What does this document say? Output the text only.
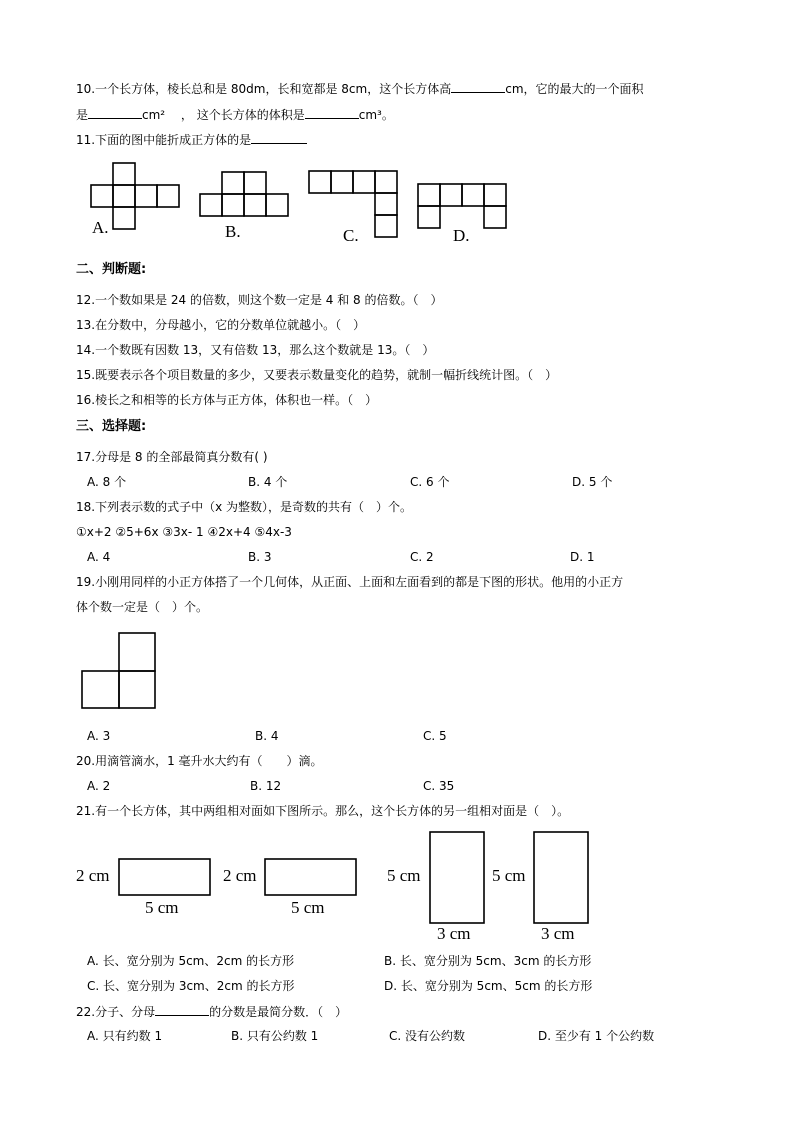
10.一个长方体，棱长总和是 80dm，长和宽都是 8cm，这个长方体高	cm，它的最大的一个面积
是	cm²　 ， 这个长方体的体积是	cm³。
11.下面的图中能折成正方体的是
A.	B.	C.	D.
二、判断题:
12.一个数如果是 24 的倍数，则这个数一定是 4 和 8 的倍数。（　）
13.在分数中，分母越小，它的分数单位就越小。（　）
14.一个数既有因数 13，又有倍数 13，那么这个数就是 13。（　）
15.既要表示各个项目数量的多少，又要表示数量变化的趋势，就制一幅折线统计图。（　）
16.棱长之和相等的长方体与正方体，体积也一样。（　）
三、选择题:
17.分母是 8 的全部最简真分数有( )
A. 8 个	B. 4 个	C. 6 个	D. 5 个
18.下列表示数的式子中（x 为整数），是奇数的共有（　）个。
①x+2 ②5+6x ③3x- 1 ④2x+4 ⑤4x-3
A. 4	B. 3	C. 2	D. 1
19.小刚用同样的小正方体搭了一个几何体，从正面、上面和左面看到的都是下图的形状。他用的小正方
体个数一定是（　）个。
A. 3	B. 4	C. 5
20.用滴管滴水，1 毫升水大约有（　　）滴。
A. 2	B. 12	C. 35
21.有一个长方体，其中两组相对面如下图所示。那么，这个长方体的另一组相对面是（　）。
2 cm
5 cm
2 cm
5 cm
5 cm
3 cm
5 cm
3 cm
A. 长、宽分别为 5cm、2cm 的长方形	B. 长、宽分别为 5cm、3cm 的长方形
C. 长、宽分别为 3cm、2cm 的长方形	D. 长、宽分别为 5cm、5cm 的长方形
22.分子、分母	的分数是最简分数．（　）
A. 只有约数 1	B. 只有公约数 1	C. 没有公约数	D. 至少有 1 个公约数
